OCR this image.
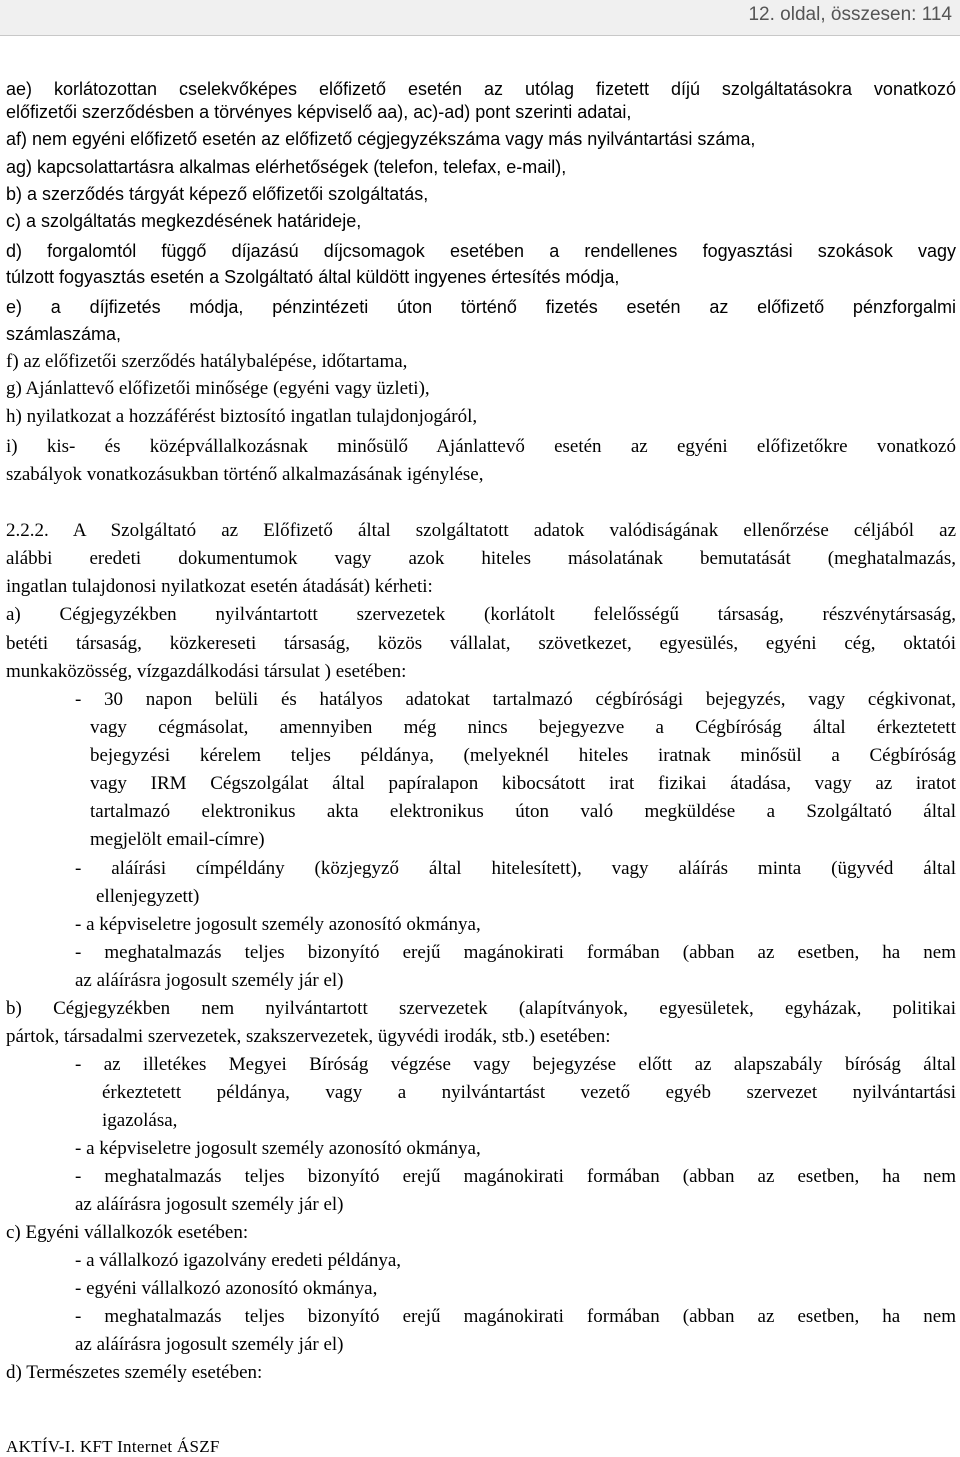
12. oldal, összesen: 114
ae) korlátozottan cselekvőképes előfizető esetén az utólag fizetett díjú szolgáltatásokra vonatkozó
előfizetői szerződésben a törvényes képviselő aa), ac)-ad) pont szerinti adatai,
af) nem egyéni előfizető esetén az előfizető cégjegyzékszáma vagy más nyilvántartási száma,
ag) kapcsolattartásra alkalmas elérhetőségek (telefon, telefax, e-mail),
b) a szerződés tárgyát képező előfizetői szolgáltatás,
c) a szolgáltatás megkezdésének határideje,
d) forgalomtól függő díjazású díjcsomagok esetében a rendellenes fogyasztási szokások vagy
túlzott fogyasztás esetén a Szolgáltató által küldött ingyenes értesítés módja,
e) a díjfizetés módja, pénzintézeti úton történő fizetés esetén az előfizető pénzforgalmi
számlaszáma,
f) az előfizetői szerződés hatálybalépése, időtartama,
g) Ajánlattevő előfizetői minősége (egyéni vagy üzleti),
h) nyilatkozat a hozzáférést biztosító ingatlan tulajdonjogáról,
i) kis- és középvállalkozásnak minősülő Ajánlattevő esetén az egyéni előfizetőkre vonatkozó
szabályok vonatkozásukban történő alkalmazásának igénylése,
2.2.2. A Szolgáltató az Előfizető által szolgáltatott adatok valódiságának ellenőrzése céljából az
alábbi eredeti dokumentumok vagy azok hiteles másolatának bemutatását (meghatalmazás,
ingatlan tulajdonosi nyilatkozat esetén átadását) kérheti:
a) Cégjegyzékben nyilvántartott szervezetek (korlátolt felelősségű társaság, részvénytársaság,
betéti társaság, közkereseti társaság, közös vállalat, szövetkezet, egyesülés, egyéni cég, oktatói
munkaközösség, vízgazdálkodási társulat ) esetében:
- 30 napon belüli és hatályos adatokat tartalmazó cégbírósági bejegyzés, vagy cégkivonat,
vagy cégmásolat, amennyiben még nincs bejegyezve a Cégbíróság által érkeztetett
bejegyzési kérelem teljes példánya, (melyeknél hiteles iratnak minősül a Cégbíróság
vagy IRM Cégszolgálat által papíralapon kibocsátott irat fizikai átadása, vagy az iratot
tartalmazó elektronikus akta elektronikus úton való megküldése a Szolgáltató által
megjelölt email-címre)
- aláírási címpéldány (közjegyző által hitelesített), vagy aláírás minta (ügyvéd által
ellenjegyzett)
- a képviseletre jogosult személy azonosító okmánya,
- meghatalmazás teljes bizonyító erejű magánokirati formában (abban az esetben, ha nem
az aláírásra jogosult személy jár el)
b) Cégjegyzékben nem nyilvántartott szervezetek (alapítványok, egyesületek, egyházak, politikai
pártok, társadalmi szervezetek, szakszervezetek, ügyvédi irodák, stb.) esetében:
- az illetékes Megyei Bíróság végzése vagy bejegyzése előtt az alapszabály bíróság által
érkeztetett példánya, vagy a nyilvántartást vezető egyéb szervezet nyilvántartási
igazolása,
- a képviseletre jogosult személy azonosító okmánya,
- meghatalmazás teljes bizonyító erejű magánokirati formában (abban az esetben, ha nem
az aláírásra jogosult személy jár el)
c) Egyéni vállalkozók esetében:
- a vállalkozó igazolvány eredeti példánya,
- egyéni vállalkozó azonosító okmánya,
- meghatalmazás teljes bizonyító erejű magánokirati formában (abban az esetben, ha nem
az aláírásra jogosult személy jár el)
d) Természetes személy esetében:
AKTÍV-I. KFT Internet ÁSZF
